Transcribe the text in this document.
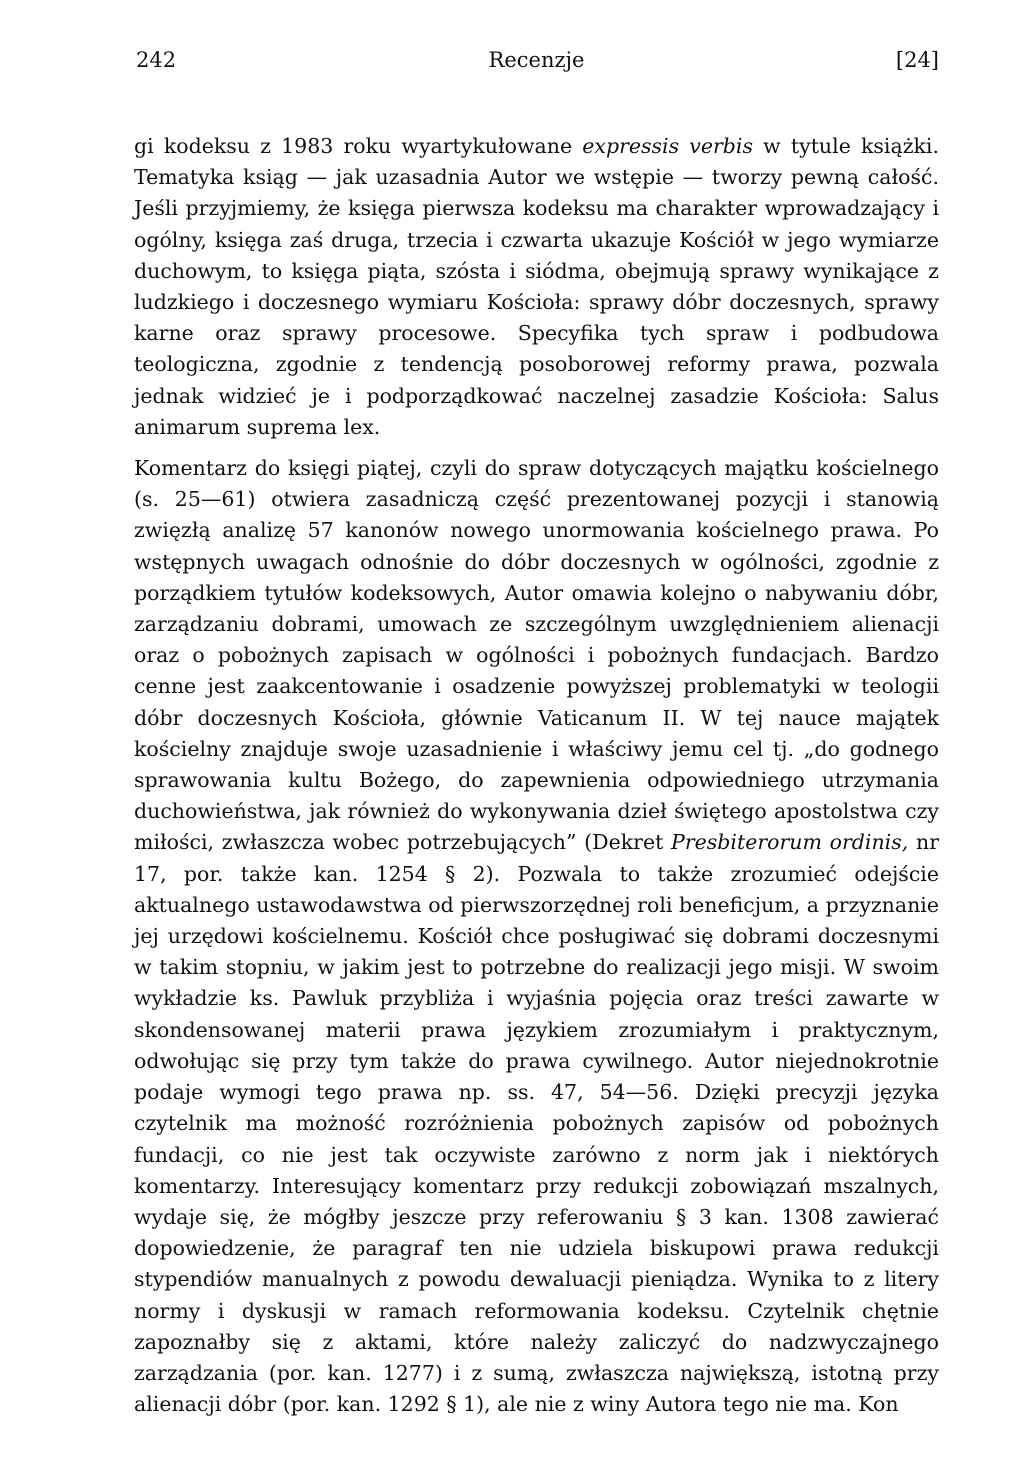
242	Recenzje	[24]

gi kodeksu z 1983 roku wyartykułowane expressis verbis w tytule książki. Tematyka ksiąg — jak uzasadnia Autor we wstępie — tworzy pewną całość. Jeśli przyjmiemy, że księga pierwsza kodeksu ma charakter wprowadzający i ogólny, księga zaś druga, trzecia i czwarta ukazuje Kościół w jego wymiarze duchowym, to księga piąta, szósta i siódma, obejmują sprawy wynikające z ludzkiego i doczesnego wymiaru Kościoła: sprawy dóbr doczesnych, sprawy karne oraz sprawy procesowe. Specyfika tych spraw i podbudowa teologiczna, zgodnie z tendencją posoborowej reformy prawa, pozwala jednak widzieć je i podporządkować naczelnej zasadzie Kościoła: Salus animarum suprema lex.

Komentarz do księgi piątej, czyli do spraw dotyczących majątku kościelnego (s. 25—61) otwiera zasadniczą część prezentowanej pozycji i stanowią zwięzłą analizę 57 kanonów nowego unormowania kościelnego prawa. Po wstępnych uwagach odnośnie do dóbr doczesnych w ogólności, zgodnie z porządkiem tytułów kodeksowych, Autor omawia kolejno o nabywaniu dóbr, zarządzaniu dobrami, umowach ze szczególnym uwzględnieniem alienacji oraz o pobożnych zapisach w ogólności i pobożnych fundacjach. Bardzo cenne jest zaakcentowanie i osadzenie powyższej problematyki w teologii dóbr doczesnych Kościoła, głównie Vaticanum II. W tej nauce majątek kościelny znajduje swoje uzasadnienie i właściwy jemu cel tj. „do godnego sprawowania kultu Bożego, do zapewnienia odpowiedniego utrzymania duchowieństwa, jak również do wykonywania dzieł świętego apostolstwa czy miłości, zwłaszcza wobec potrzebujących” (Dekret Presbiterorum ordinis, nr 17, por. także kan. 1254 § 2). Pozwala to także zrozumieć odejście aktualnego ustawodawstwa od pierwszorzędnej roli beneficjum, a przyznanie jej urzędowi kościelnemu. Kościół chce posługiwać się dobrami doczesnymi w takim stopniu, w jakim jest to potrzebne do realizacji jego misji. W swoim wykładzie ks. Pawluk przybliża i wyjaśnia pojęcia oraz treści zawarte w skondensowanej materii prawa językiem zrozumiałym i praktycznym, odwołując się przy tym także do prawa cywilnego. Autor niejednokrotnie podaje wymogi tego prawa np. ss. 47, 54—56. Dzięki precyzji języka czytelnik ma możność rozróżnienia pobożnych zapisów od pobożnych fundacji, co nie jest tak oczywiste zarówno z norm jak i niektórych komentarzy. Interesujący komentarz przy redukcji zobowiązań mszalnych, wydaje się, że mógłby jeszcze przy referowaniu § 3 kan. 1308 zawierać dopowiedzenie, że paragraf ten nie udziela biskupowi prawa redukcji stypendiów manualnych z powodu dewaluacji pieniądza. Wynika to z litery normy i dyskusji w ramach reformowania kodeksu. Czytelnik chętnie zapoznałby się z aktami, które należy zaliczyć do nadzwyczajnego zarządzania (por. kan. 1277) i z sumą, zwłaszcza największą, istotną przy alienacji dóbr (por. kan. 1292 § 1), ale nie z winy Autora tego nie ma. Kon
